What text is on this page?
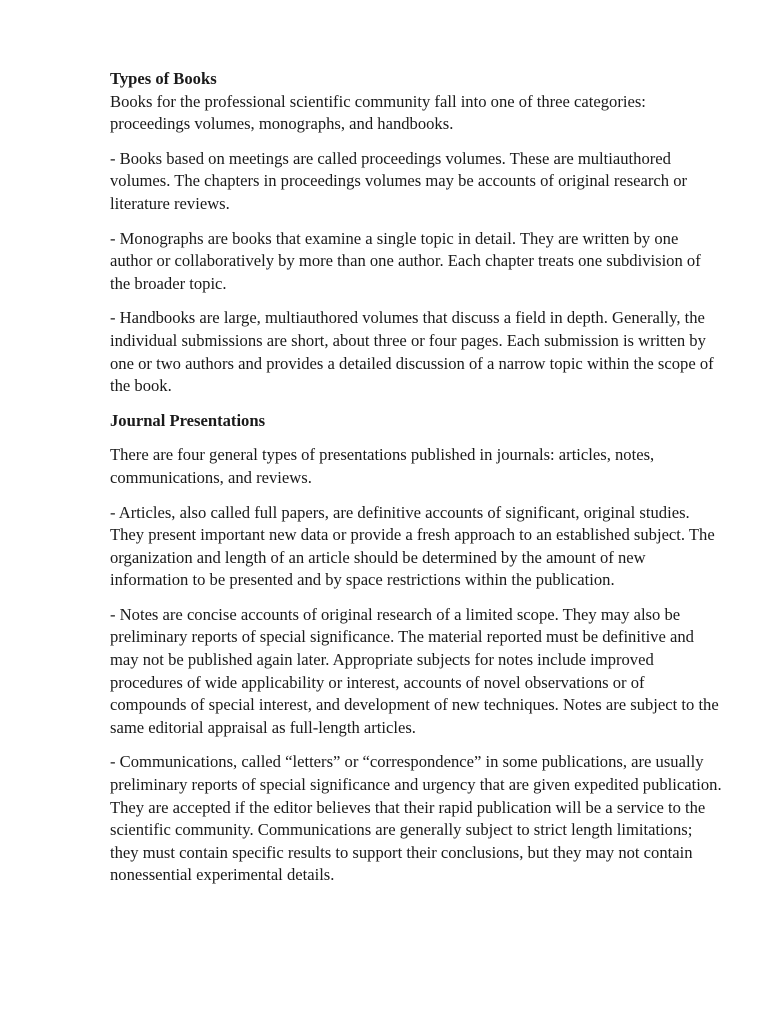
Types of Books

Books for the professional scientific community fall into one of three categories: proceedings volumes, monographs, and handbooks.

- Books based on meetings are called proceedings volumes. These are multiauthored volumes. The chapters in proceedings volumes may be accounts of original research or literature reviews.

- Monographs are books that examine a single topic in detail. They are written by one author or collaboratively by more than one author. Each chapter treats one subdivision of the broader topic.

- Handbooks are large, multiauthored volumes that discuss a field in depth. Generally, the individual submissions are short, about three or four pages. Each submission is written by one or two authors and provides a detailed discussion of a narrow topic within the scope of the book.

Journal Presentations

There are four general types of presentations published in journals: articles, notes, communications, and reviews.

- Articles, also called full papers, are definitive accounts of significant, original studies. They present important new data or provide a fresh approach to an established subject. The organization and length of an article should be determined by the amount of new information to be presented and by space restrictions within the publication.

- Notes are concise accounts of original research of a limited scope. They may also be preliminary reports of special significance. The material reported must be definitive and may not be published again later. Appropriate subjects for notes include improved procedures of wide applicability or interest, accounts of novel observations or of compounds of special interest, and development of new techniques. Notes are subject to the same editorial appraisal as full-length articles.

- Communications, called “letters” or “correspondence” in some publications, are usually preliminary reports of special significance and urgency that are given expedited publication. They are accepted if the editor believes that their rapid publication will be a service to the scientific community. Communications are generally subject to strict length limitations; they must contain specific results to support their conclusions, but they may not contain nonessential experimental details.
